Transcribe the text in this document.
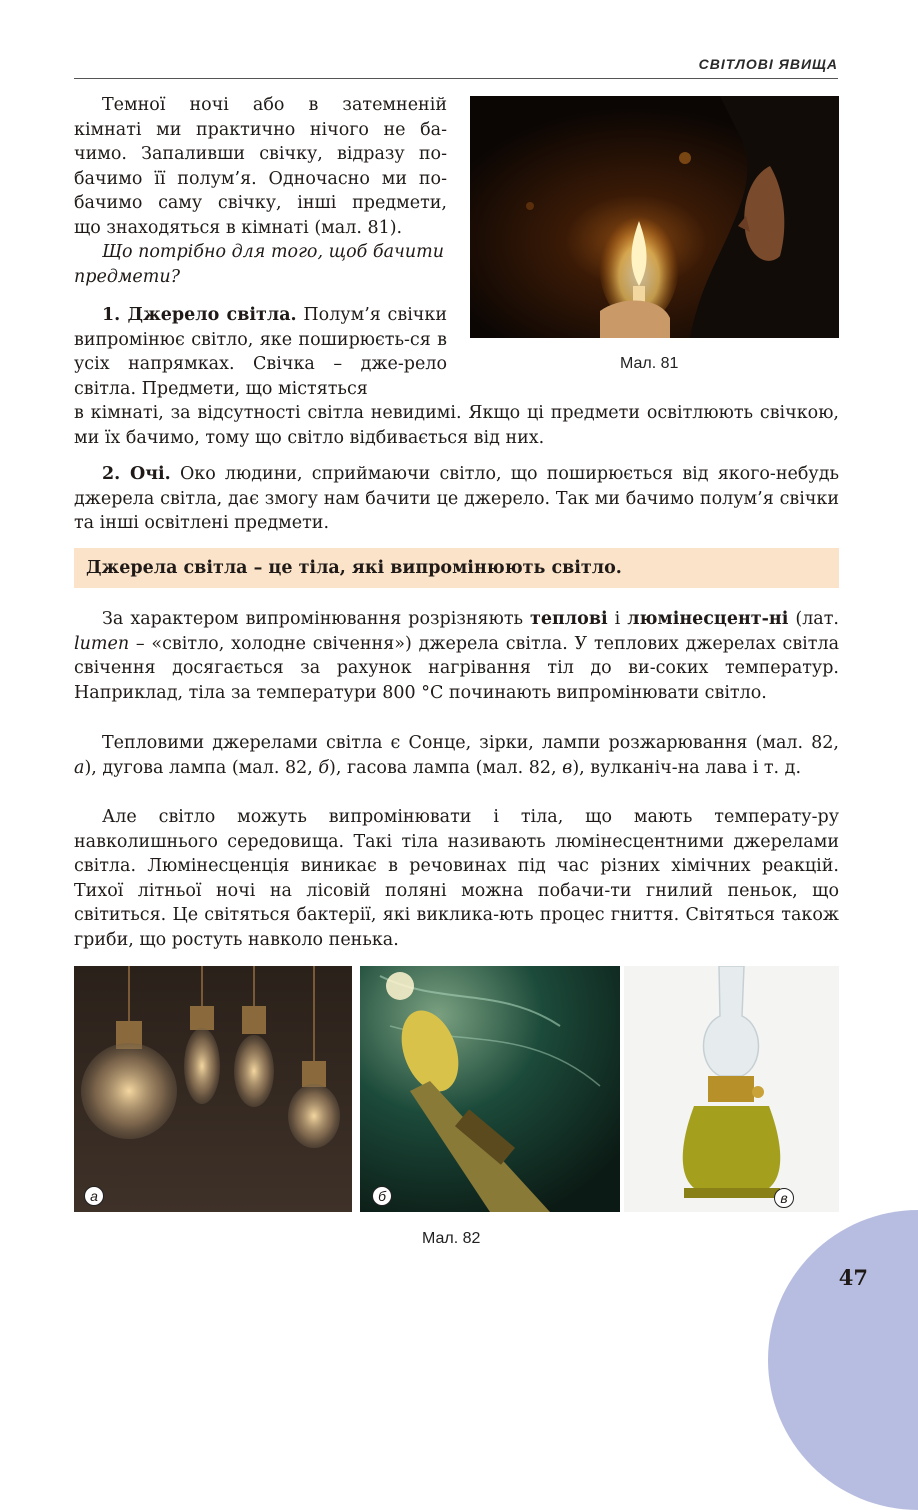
СВІТЛОВІ ЯВИЩА
Темної ночі або в затемненій
кімнаті ми практично нічого не ба-
чимо. Запаливши свічку, відразу по-
бачимо її полум’я. Одночасно ми по-
бачимо саму свічку, інші предмети,
що знаходяться в кімнаті (мал. 81).
Що потрібно для того, щоб бачити предмети?
Мал. 81
1. Джерело світла. Полум’я свічки випромінює світло, яке поширюєть-ся в усіх напрямках. Свічка – дже-рело світла. Предмети, що містяться
в кімнаті, за відсутності світла невидимі. Якщо ці предмети освітлюють свічкою, ми їх бачимо, тому що світло відбивається від них.
2. Очі. Око людини, сприймаючи світло, що поширюється від якого-небудь джерела світла, дає змогу нам бачити це джерело. Так ми бачимо полум’я свічки та інші освітлені предмети.
Джерела світла – це тіла, які випромінюють світло.
За характером випромінювання розрізняють теплові і люмінесцент-ні (лат. lumen – «світло, холодне свічення») джерела світла. У теплових джерелах світла свічення досягається за рахунок нагрівання тіл до ви-соких температур. Наприклад, тіла за температури 800 °С починають випромінювати світло.
Тепловими джерелами світла є Сонце, зірки, лампи розжарювання (мал. 82, а), дугова лампа (мал. 82, б), гасова лампа (мал. 82, в), вулканіч-на лава і т. д.
Але світло можуть випромінювати і тіла, що мають температу-ру навколишнього середовища. Такі тіла називають люмінесцентними джерелами світла. Люмінесценція виникає в речовинах під час різних хімічних реакцій. Тихої літньої ночі на лісовій поляні можна побачи-ти гнилий пеньок, що світиться. Це світяться бактерії, які виклика-ють процес гниття. Світяться також гриби, що ростуть навколо пенька.
а	б	в
Мал. 82
47
